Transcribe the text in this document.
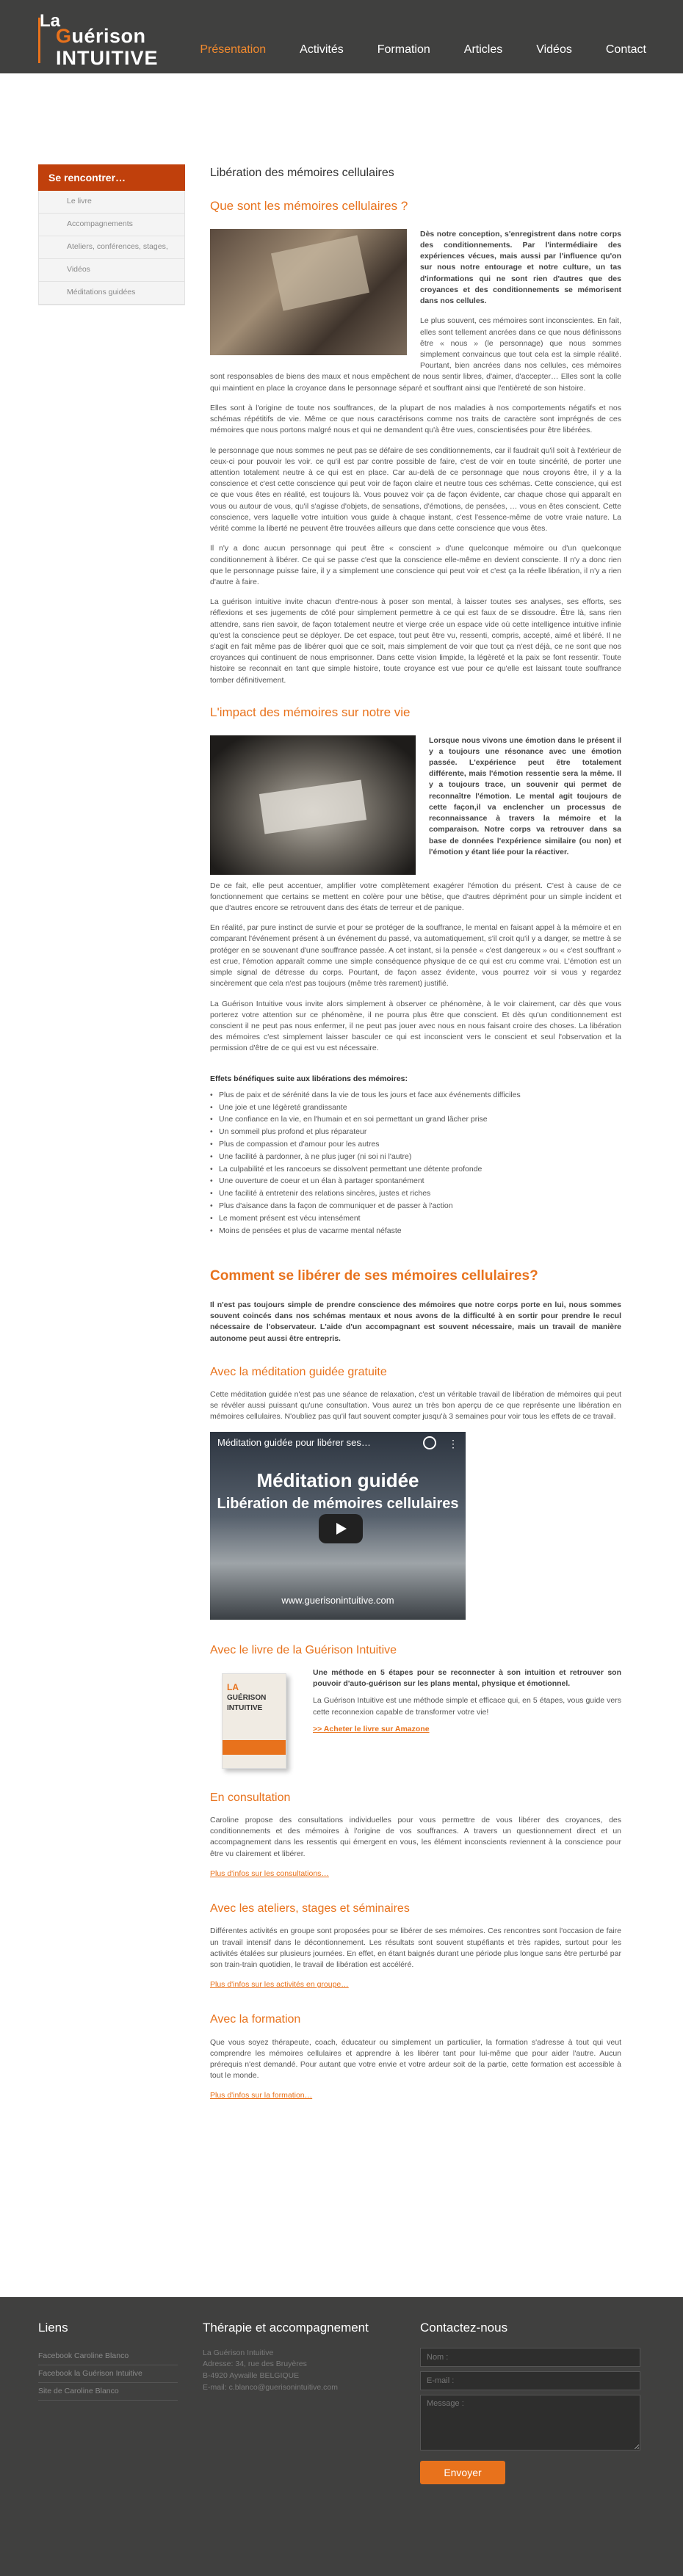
La
Guérison
INTUITIVE	Présentation	Activités	Formation	Articles	Vidéos	Contact
Se rencontrer…
Le livre
Accompagnements
Ateliers, conférences, stages,
Vidéos
Méditations guidées
Libération des mémoires cellulaires
Que sont les mémoires cellulaires ?

Dès notre conception, s'enregistrent dans notre corps des conditionnements. Par l'intermédiaire des expériences vécues, mais aussi par l'influence qu'on sur nous notre entourage et notre culture, un tas d'informations qui ne sont rien d'autres que des croyances et des conditionnements se mémorisent dans nos cellules.

Le plus souvent, ces mémoires sont inconscientes. En fait, elles sont tellement ancrées dans ce que nous définissons être « nous » (le personnage) que nous sommes simplement convaincus que tout cela est la simple réalité. Pourtant, bien ancrées dans nos cellules, ces mémoires sont responsables de biens des maux et nous empêchent de nous sentir libres, d'aimer, d'accepter… Elles sont la colle qui maintient en place la croyance dans le personnage séparé et souffrant ainsi que l'entièreté de son histoire.

Elles sont à l'origine de toute nos souffrances, de la plupart de nos maladies à nos comportements négatifs et nos schémas répétitifs de vie. Même ce que nous caractérisons comme nos traits de caractère sont imprégnés de ces mémoires que nous portons malgré nous et qui ne demandent qu'à être vues, conscientisées pour être libérées.

le personnage que nous sommes ne peut pas se défaire de ses conditionnements, car il faudrait qu'il soit à l'extérieur de ceux-ci pour pouvoir les voir. ce qu'il est par contre possible de faire, c'est de voir en toute sincérité, de porter une attention totalement neutre à ce qui est en place. Car au-delà de ce personnage que nous croyons être, il y a la conscience et c'est cette conscience qui peut voir de façon claire et neutre tous ces schémas. Cette conscience, qui est ce que vous êtes en réalité, est toujours là. Vous pouvez voir ça de façon évidente, car chaque chose qui apparaît en vous ou autour de vous, qu'il s'agisse d'objets, de sensations, d'émotions, de pensées, … vous en êtes conscient. Cette conscience, vers laquelle votre intuition vous guide à chaque instant, c'est l'essence-même de votre vraie nature. La vérité comme la liberté ne peuvent être trouvées ailleurs que dans cette conscience que vous êtes.

Il n'y a donc aucun personnage qui peut être « conscient » d'une quelconque mémoire ou d'un quelconque conditionnement à libérer. Ce qui se passe c'est que la conscience elle-même en devient consciente. Il n'y a donc rien que le personnage puisse faire, il y a simplement une conscience qui peut voir et c'est ça la réelle libération, il n'y a rien d'autre à faire.

La guérison intuitive invite chacun d'entre-nous à poser son mental, à laisser toutes ses analyses, ses efforts, ses réflexions et ses jugements de côté pour simplement permettre à ce qui est faux de se dissoudre. Être là, sans rien attendre, sans rien savoir, de façon totalement neutre et vierge crée un espace vide où cette intelligence intuitive infinie qu'est la conscience peut se déployer. De cet espace, tout peut être vu, ressenti, compris, accepté, aimé et libéré. Il ne s'agit en fait même pas de libérer quoi que ce soit, mais simplement de voir que tout ça n'est déjà, ce ne sont que nos croyances qui continuent de nous emprisonner. Dans cette vision limpide, la légèreté et la paix se font ressentir. Toute histoire se reconnait en tant que simple histoire, toute croyance est vue pour ce qu'elle est laissant toute souffrance tomber définitivement.

L'impact des mémoires sur notre vie

Lorsque nous vivons une émotion dans le présent il y a toujours une résonance avec une émotion passée. L'expérience peut être totalement différente, mais l'émotion ressentie sera la même. Il y a toujours trace, un souvenir qui permet de reconnaître l'émotion. Le mental agit toujours de cette façon,il va enclencher un processus de reconnaissance à travers la mémoire et la comparaison. Notre corps va retrouver dans sa base de données l'expérience similaire (ou non) et l'émotion y étant liée pour la réactiver.

De ce fait, elle peut accentuer, amplifier votre complètement exagérer l'émotion du présent. C'est à cause de ce fonctionnement que certains se mettent en colère pour une bêtise, que d'autres déprimént pour un simple incident et que d'autres encore se retrouvent dans des états de terreur et de panique.

En réalité, par pure instinct de survie et pour se protéger de la souffrance, le mental en faisant appel à la mémoire et en comparant l'événement présent à un événement du passé, va automatiquement, s'il croit qu'il y a danger, se mettre à se protéger en se souvenant d'une souffrance passée. A cet instant, si la pensée « c'est dangereux » ou « c'est souffrant » est crue, l'émotion apparaît comme une simple conséquence physique de ce qui est cru comme vrai. L'émotion est un simple signal de détresse du corps. Pourtant, de façon assez évidente, vous pourrez voir si vous y regardez sincèrement que cela n'est pas toujours (même très rarement) justifié.

La Guérison Intuitive vous invite alors simplement à observer ce phénomène, à le voir clairement, car dès que vous porterez votre attention sur ce phénomène, il ne pourra plus être que conscient. Et dès qu'un conditionnement est conscient il ne peut pas nous enfermer, il ne peut pas jouer avec nous en nous faisant croire des choses. La libération des mémoires c'est simplement laisser basculer ce qui est inconscient vers le conscient et seul l'observation et la permission d'être de ce qui est vu est nécessaire.

Effets bénéfiques suite aux libérations des mémoires:
• Plus de paix et de sérénité dans la vie de tous les jours et face aux événements difficiles
• Une joie et une légèreté grandissante
• Une confiance en la vie, en l'humain et en soi permettant un grand lâcher prise
• Un sommeil plus profond et plus réparateur
• Plus de compassion et d'amour pour les autres
• Une facilité à pardonner, à ne plus juger (ni soi ni l'autre)
• La culpabilité et les rancoeurs se dissolvent permettant une détente profonde
• Une ouverture de coeur et un élan à partager spontanément
• Une facilité à entretenir des relations sincères, justes et riches
• Plus d'aisance dans la façon de communiquer et de passer à l'action
• Le moment présent est vécu intensément
• Moins de pensées et plus de vacarme mental néfaste
Comment se libérer de ses mémoires cellulaires?

Il n'est pas toujours simple de prendre conscience des mémoires que notre corps porte en lui, nous sommes souvent coincés dans nos schémas mentaux et nous avons de la difficulté à en sortir pour prendre le recul nécessaire de l'observateur. L'aide d'un accompagnant est souvent nécessaire, mais un travail de manière autonome peut aussi être entrepris.

Avec la méditation guidée gratuite

Cette méditation guidée n'est pas une séance de relaxation, c'est un véritable travail de libération de mémoires qui peut se révéler aussi puissant qu'une consultation. Vous aurez un très bon aperçu de ce que représente une libération en mémoires cellulaires. N'oubliez pas qu'il faut souvent compter jusqu'à 3 semaines pour voir tous les effets de ce travail.

Méditation guidée pour libérer ses…	⋮
Méditation guidée
Libération de mémoires cellulaires
www.guerisonintuitive.com
Avec le livre de la Guérison Intuitive
LA
GUÉRISON
INTUITIVE

Une méthode en 5 étapes pour se reconnecter à son intuition et retrouver son pouvoir d'auto-guérison sur les plans mental, physique et émotionnel.

La Guérison Intuitive est une méthode simple et efficace qui, en 5 étapes, vous guide vers cette reconnexion capable de transformer votre vie!

>> Acheter le livre sur Amazone
En consultation

Caroline propose des consultations individuelles pour vous permettre de vous libérer des croyances, des conditionnements et des mémoires à l'origine de vos souffrances. A travers un questionnement direct et un accompagnement dans les ressentis qui émergent en vous, les élément inconscients reviennent à la conscience pour être vu clairement et libérer.

Plus d'infos sur les consultations…
Avec les ateliers, stages et séminaires

Différentes activités en groupe sont proposées pour se libérer de ses mémoires. Ces rencontres sont l'occasion de faire un travail intensif dans le décontionnement. Les résultats sont souvent stupéfiants et très rapides, surtout pour les activités étalées sur plusieurs journées. En effet, en étant baignés durant une période plus longue sans être perturbé par son train-train quotidien, le travail de libération est accéléré.

Plus d'infos sur les activités en groupe…
Avec la formation

Que vous soyez thérapeute, coach, éducateur ou simplement un particulier, la formation s'adresse à tout qui veut comprendre les mémoires cellulaires et apprendre à les libérer tant pour lui-même que pour aider l'autre. Aucun prérequis n'est demandé. Pour autant que votre envie et votre ardeur soit de la partie, cette formation est accessible à tout le monde.

Plus d'infos sur la formation…
Liens
Facebook Caroline Blanco
Facebook la Guérison Intuitive
Site de Caroline Blanco
Thérapie et accompagnement
La Guérison Intuitive
Adresse: 34, rue des Bruyères
B-4920 Aywaille BELGIQUE
E-mail: c.blanco@guerisonintuitive.com
Contactez-nous
Nom :
E-mail :
Message : Envoyer
